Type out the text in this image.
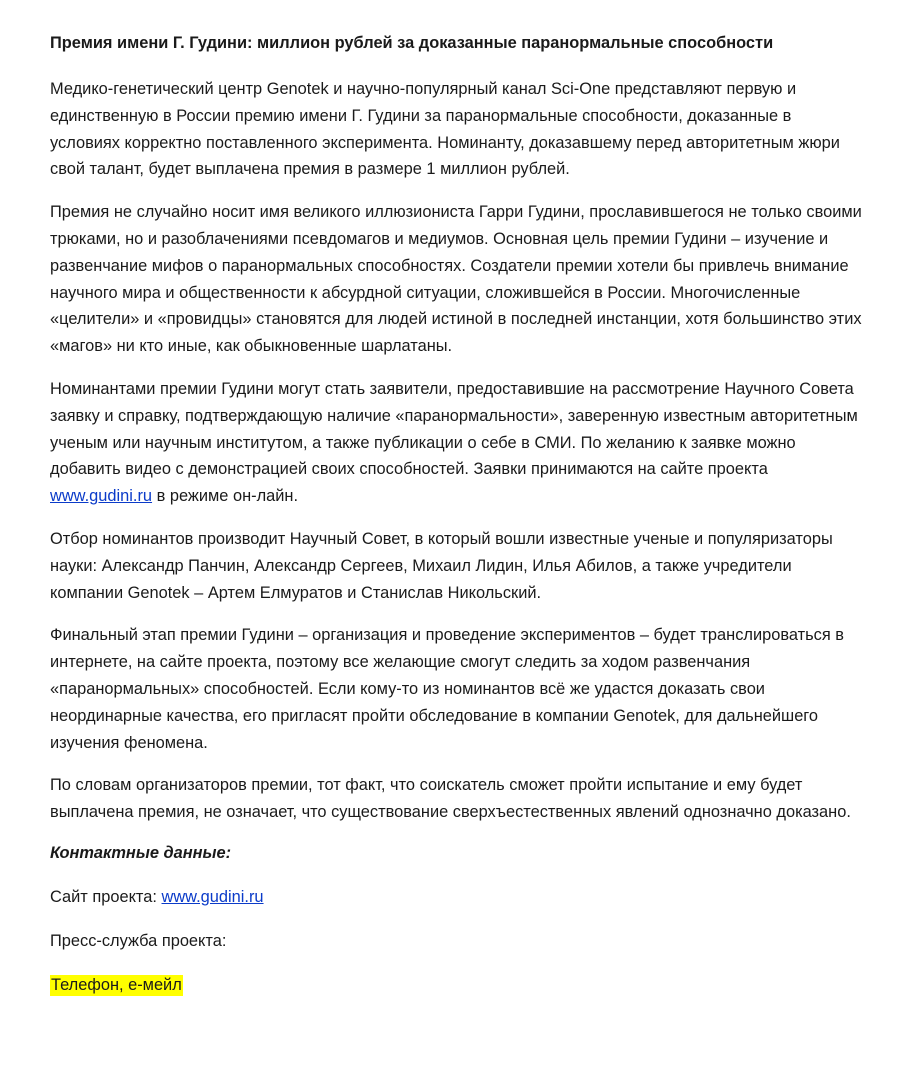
Премия имени Г. Гудини: миллион рублей за доказанные паранормальные способности

Медико-генетический центр Genotek и научно-популярный канал Sci-One представляют первую и единственную в России премию имени Г. Гудини за паранормальные способности, доказанные в условиях корректно поставленного эксперимента. Номинанту, доказавшему перед авторитетным жюри свой талант, будет выплачена премия в размере 1 миллион рублей.

Премия не случайно носит имя великого иллюзиониста Гарри Гудини, прославившегося не только своими трюками, но и разоблачениями псевдомагов и медиумов. Основная цель премии Гудини – изучение и развенчание мифов о паранормальных способностях. Создатели премии хотели бы привлечь внимание научного мира и общественности к абсурдной ситуации, сложившейся в России. Многочисленные «целители» и «провидцы» становятся для людей истиной в последней инстанции, хотя большинство этих «магов» ни кто иные, как обыкновенные шарлатаны.

Номинантами премии Гудини могут стать заявители, предоставившие на рассмотрение Научного Совета заявку и справку, подтверждающую наличие «паранормальности», заверенную известным авторитетным ученым или научным институтом, а также публикации о себе в СМИ. По желанию к заявке можно добавить видео с демонстрацией своих способностей. Заявки принимаются на сайте проекта www.gudini.ru в режиме он-лайн.

Отбор номинантов производит Научный Совет, в который вошли известные ученые и популяризаторы науки: Александр Панчин, Александр Сергеев, Михаил Лидин, Илья Абилов, а также учредители компании Genotek – Артем Елмуратов и Станислав Никольский.

Финальный этап премии Гудини – организация и проведение экспериментов – будет транслироваться в интернете, на сайте проекта, поэтому все желающие смогут следить за ходом развенчания «паранормальных» способностей. Если кому-то из номинантов всё же удастся доказать свои неординарные качества, его пригласят пройти обследование в компании Genotek, для дальнейшего изучения феномена.

По словам организаторов премии, тот факт, что соискатель сможет пройти испытание и ему будет выплачена премия, не означает, что существование сверхъестественных явлений однозначно доказано.

Контактные данные:

Сайт проекта: www.gudini.ru

Пресс-служба проекта:

Телефон, е-мейл
